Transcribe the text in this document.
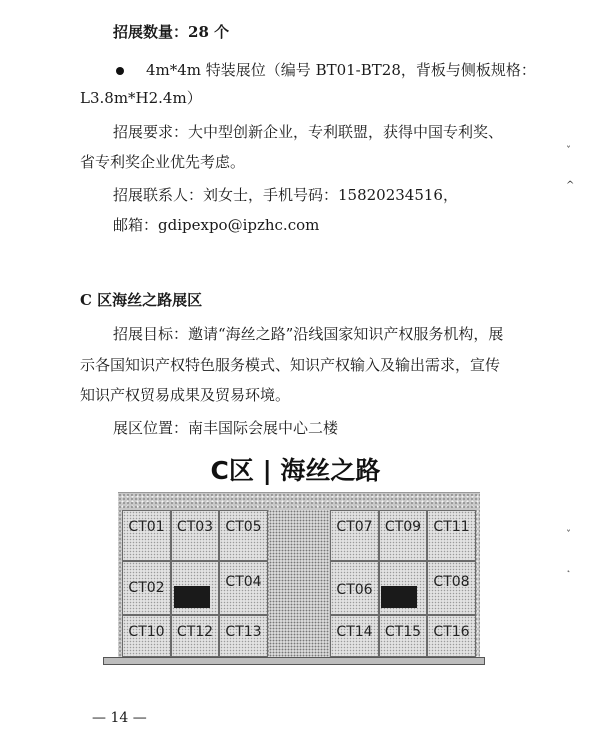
招展数量：28 个
4m*4m 特装展位（编号 BT01-BT28，背板与侧板规格：
L3.8m*H2.4m）
招展要求：大中型创新企业，专利联盟，获得中国专利奖、
省专利奖企业优先考虑。
招展联系人：刘女士，手机号码：15820234516，
邮箱：gdipexpo@ipzhc.com
C 区海丝之路展区
招展目标：邀请“海丝之路”沿线国家知识产权服务机构，展
示各国知识产权特色服务模式、知识产权输入及输出需求，宣传
知识产权贸易成果及贸易环境。
展区位置：南丰国际会展中心二楼
ˇ
^
ˇ
˛
C区 | 海丝之路
CT01 CT03 CT05
CT02	CT04
CT10 CT12 CT13
CT07 CT09 CT11
CT06	CT08
CT14 CT15 CT16
— 14 —
